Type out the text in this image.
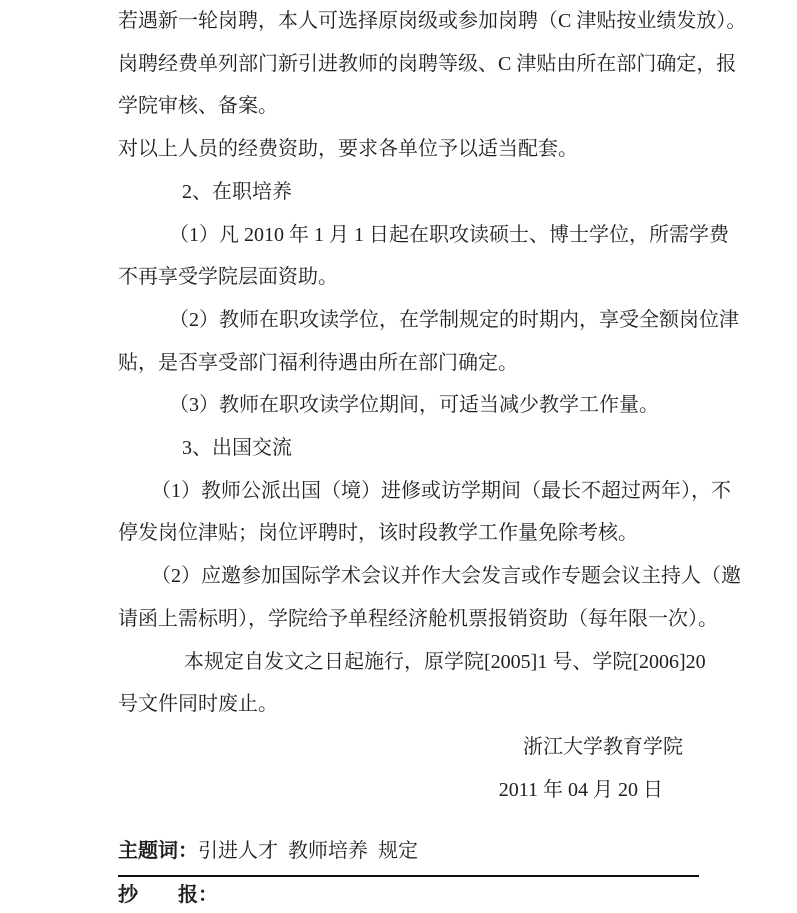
若遇新一轮岗聘，本人可选择原岗级或参加岗聘（C 津贴按业绩发放）。

岗聘经费单列部门新引进教师的岗聘等级、C 津贴由所在部门确定，报

学院审核、备案。

对以上人员的经费资助，要求各单位予以适当配套。

2、在职培养

（1）凡 2010 年 1 月 1 日起在职攻读硕士、博士学位，所需学费

不再享受学院层面资助。

（2）教师在职攻读学位，在学制规定的时期内，享受全额岗位津

贴，是否享受部门福利待遇由所在部门确定。

（3）教师在职攻读学位期间，可适当减少教学工作量。

3、出国交流

（1）教师公派出国（境）进修或访学期间（最长不超过两年），不

停发岗位津贴；岗位评聘时，该时段教学工作量免除考核。

（2）应邀参加国际学术会议并作大会发言或作专题会议主持人（邀

请函上需标明），学院给予单程经济舱机票报销资助（每年限一次）。

本规定自发文之日起施行，原学院[2005]1 号、学院[2006]20

号文件同时废止。

浙江大学教育学院

2011 年 04 月 20 日

主题词：引进人才  教师培养  规定

抄　　报：
